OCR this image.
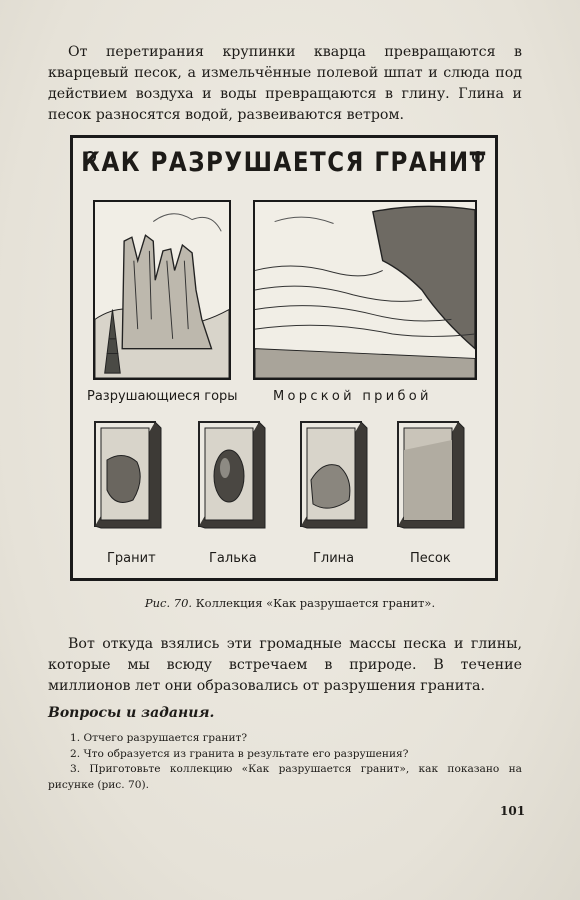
От перетирания крупинки кварца превращаются в кварцевый песок, а измельчённые полевой шпат и слюда под действием воздуха и воды превращаются в глину. Глина и песок разносятся водой, развеиваются ветром.

КАК РАЗРУШАЕТСЯ ГРАНИТ
Разрушающиеся горы	Морской прибой
Гранит	Галька	Глина	Песок
Рис. 70. Коллекция «Как разрушается гранит».

Вот откуда взялись эти громадные массы песка и глины, которые мы всюду встречаем в природе. В течение миллионов лет они образовались от разрушения гранита.

Вопросы и задания.
1. Отчего разрушается гранит?
2. Что образуется из гранита в результате его разрушения?
3. Приготовьте коллекцию «Как разрушается гранит», как показано на рисунке (рис. 70).
101
